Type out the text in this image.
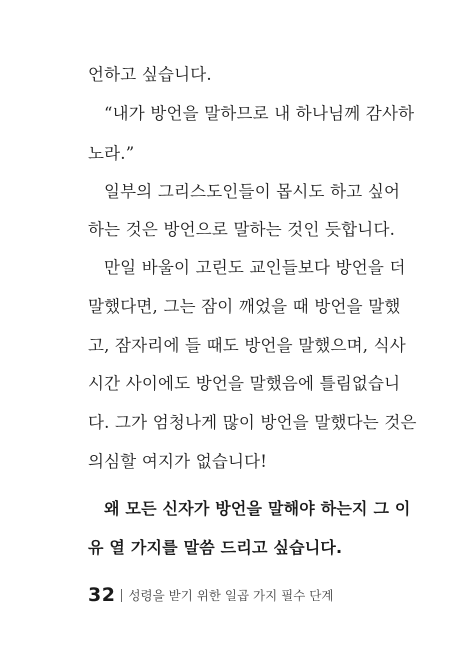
언하고 싶습니다.
“내가 방언을 말하므로 내 하나님께 감사하
노라.”
일부의 그리스도인들이 몹시도 하고 싶어
하는 것은 방언으로 말하는 것인 듯합니다.
만일 바울이 고린도 교인들보다 방언을 더
말했다면, 그는 잠이 깨었을 때 방언을 말했
고, 잠자리에 들 때도 방언을 말했으며, 식사
시간 사이에도 방언을 말했음에 틀림없습니
다. 그가 엄청나게 많이 방언을 말했다는 것은
의심할 여지가 없습니다!
왜 모든 신자가 방언을 말해야 하는지 그 이
유 열 가지를 말씀 드리고 싶습니다.
32 성령을 받기 위한 일곱 가지 필수 단계
